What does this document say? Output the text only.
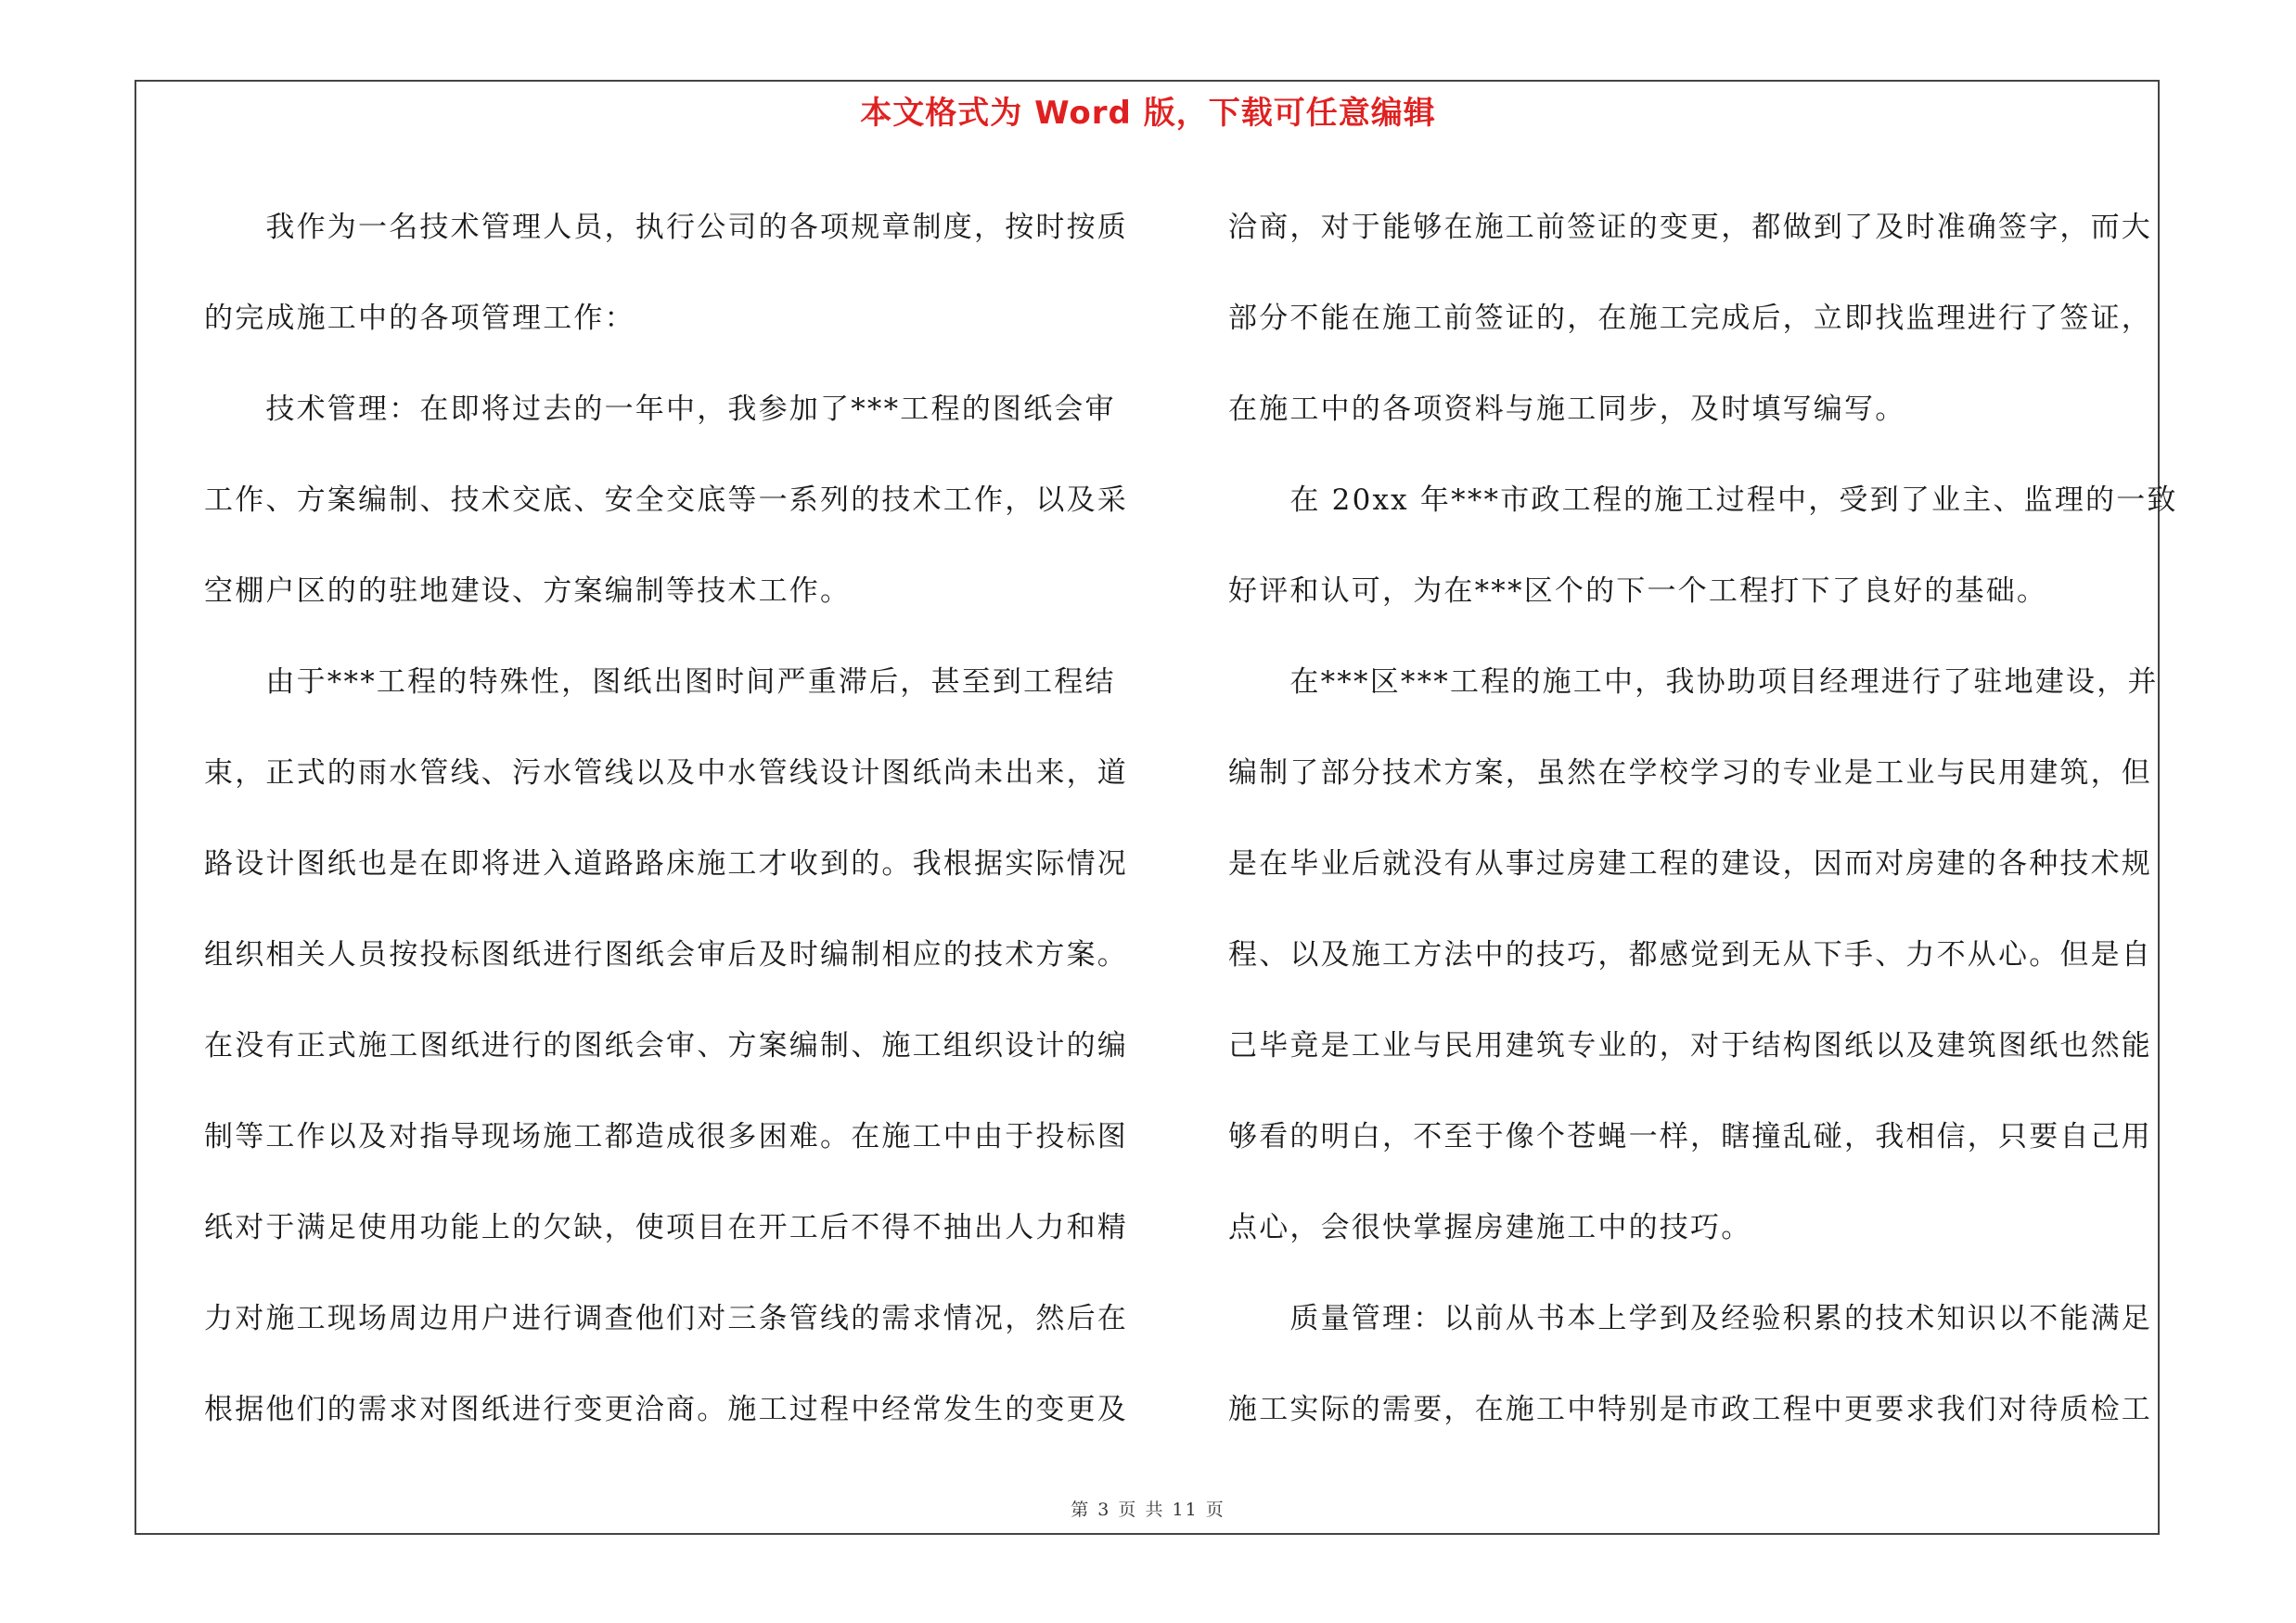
本文格式为 Word 版，下载可任意编辑
　　我作为一名技术管理人员，执行公司的各项规章制度，按时按质
的完成施工中的各项管理工作：
　　技术管理：在即将过去的一年中，我参加了***工程的图纸会审
工作、方案编制、技术交底、安全交底等一系列的技术工作，以及采
空棚户区的的驻地建设、方案编制等技术工作。
　　由于***工程的特殊性，图纸出图时间严重滞后，甚至到工程结
束，正式的雨水管线、污水管线以及中水管线设计图纸尚未出来，道
路设计图纸也是在即将进入道路路床施工才收到的。我根据实际情况
组织相关人员按投标图纸进行图纸会审后及时编制相应的技术方案。
在没有正式施工图纸进行的图纸会审、方案编制、施工组织设计的编
制等工作以及对指导现场施工都造成很多困难。在施工中由于投标图
纸对于满足使用功能上的欠缺，使项目在开工后不得不抽出人力和精
力对施工现场周边用户进行调查他们对三条管线的需求情况，然后在
根据他们的需求对图纸进行变更洽商。施工过程中经常发生的变更及
洽商，对于能够在施工前签证的变更，都做到了及时准确签字，而大
部分不能在施工前签证的，在施工完成后，立即找监理进行了签证，
在施工中的各项资料与施工同步，及时填写编写。
　　在 20xx 年***市政工程的施工过程中，受到了业主、监理的一致
好评和认可，为在***区个的下一个工程打下了良好的基础。
　　在***区***工程的施工中，我协助项目经理进行了驻地建设，并
编制了部分技术方案，虽然在学校学习的专业是工业与民用建筑，但
是在毕业后就没有从事过房建工程的建设，因而对房建的各种技术规
程、以及施工方法中的技巧，都感觉到无从下手、力不从心。但是自
己毕竟是工业与民用建筑专业的，对于结构图纸以及建筑图纸也然能
够看的明白，不至于像个苍蝇一样，瞎撞乱碰，我相信，只要自己用
点心，会很快掌握房建施工中的技巧。
　　质量管理：以前从书本上学到及经验积累的技术知识以不能满足
施工实际的需要，在施工中特别是市政工程中更要求我们对待质检工
第 3 页 共 11 页
